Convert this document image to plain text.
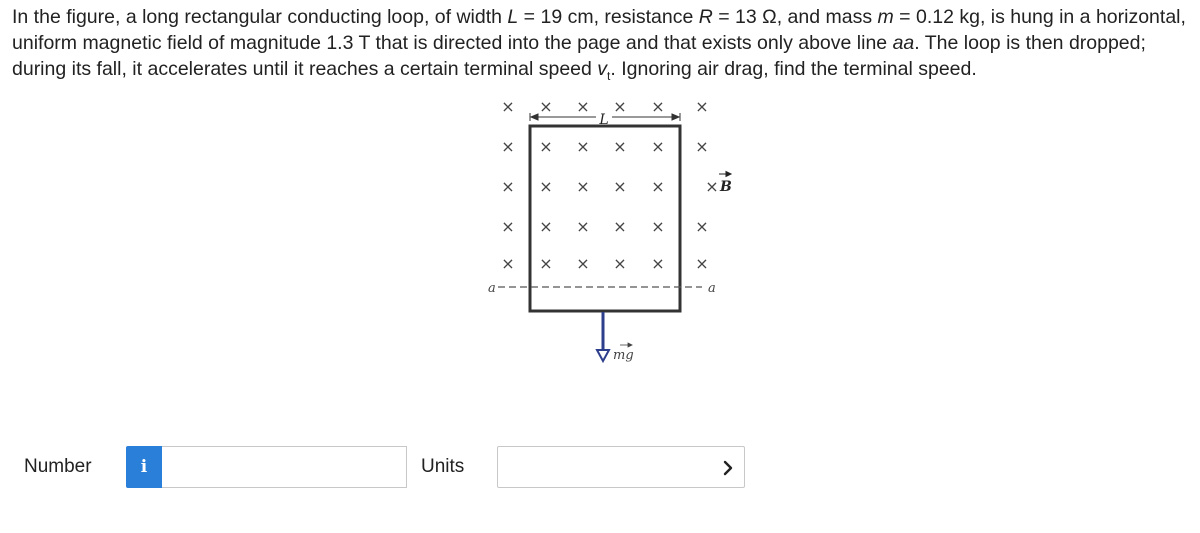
In the figure, a long rectangular conducting loop, of width L = 19 cm, resistance R = 13 Ω, and mass m = 0.12 kg, is hung in a horizontal, uniform magnetic field of magnitude 1.3 T that is directed into the page and that exists only above line aa. The loop is then dropped; during its fall, it accelerates until it reaches a certain terminal speed $v_t$. Ignoring air drag, find the terminal speed.

L
B
a	a
mg
× × × × × ×
× × × × × ×
× × × × ×	×
× × × × × ×
× × × × × ×
Number	i	Units
